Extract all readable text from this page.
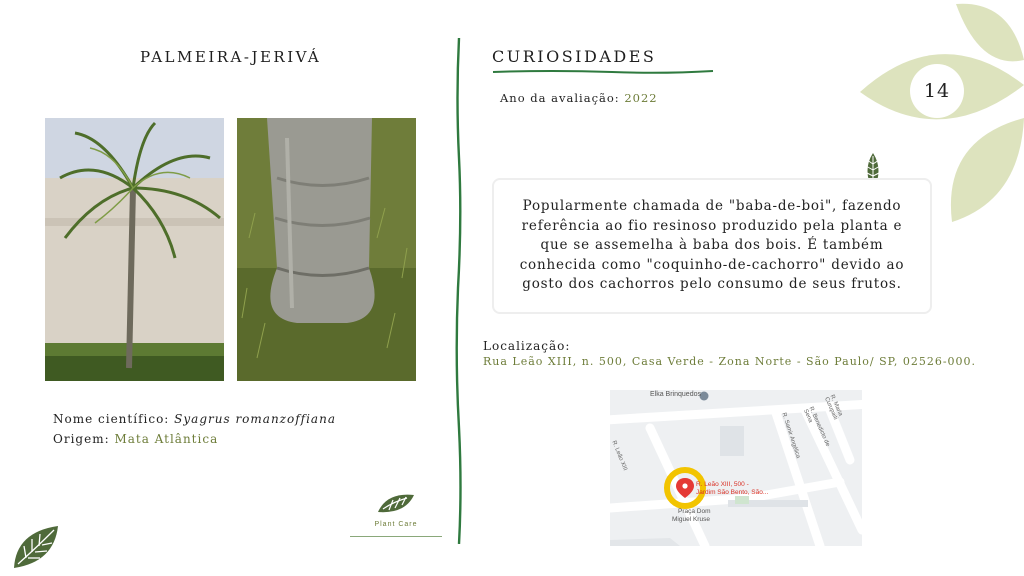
PALMEIRA-JERIVÁ
Nome científico: Syagrus romanzoffiana
Origem: Mata Atlântica
Plant Care
CURIOSIDADES
Ano da avaliação: 2022	14
Popularmente chamada de "baba-de-boi", fazendo referência ao fio resinoso produzido pela planta e que se assemelha à baba dos bois. É também conhecida como "coquinho-de-cachorro" devido ao gosto dos cachorros pelo consumo de seus frutos.
Localização:
Rua Leão XIII, n. 500, Casa Verde - Zona Norte - São Paulo/ SP, 02526-000.
Elka Brinquedos
R. Leão XIII	R. Samir Angélica	R. Benedicto de Sena	R. Maria Curupaiti
R. Leão XIII, 500 -
Jardim São Bento, São...
Praça Dom
Miguel Kruse
